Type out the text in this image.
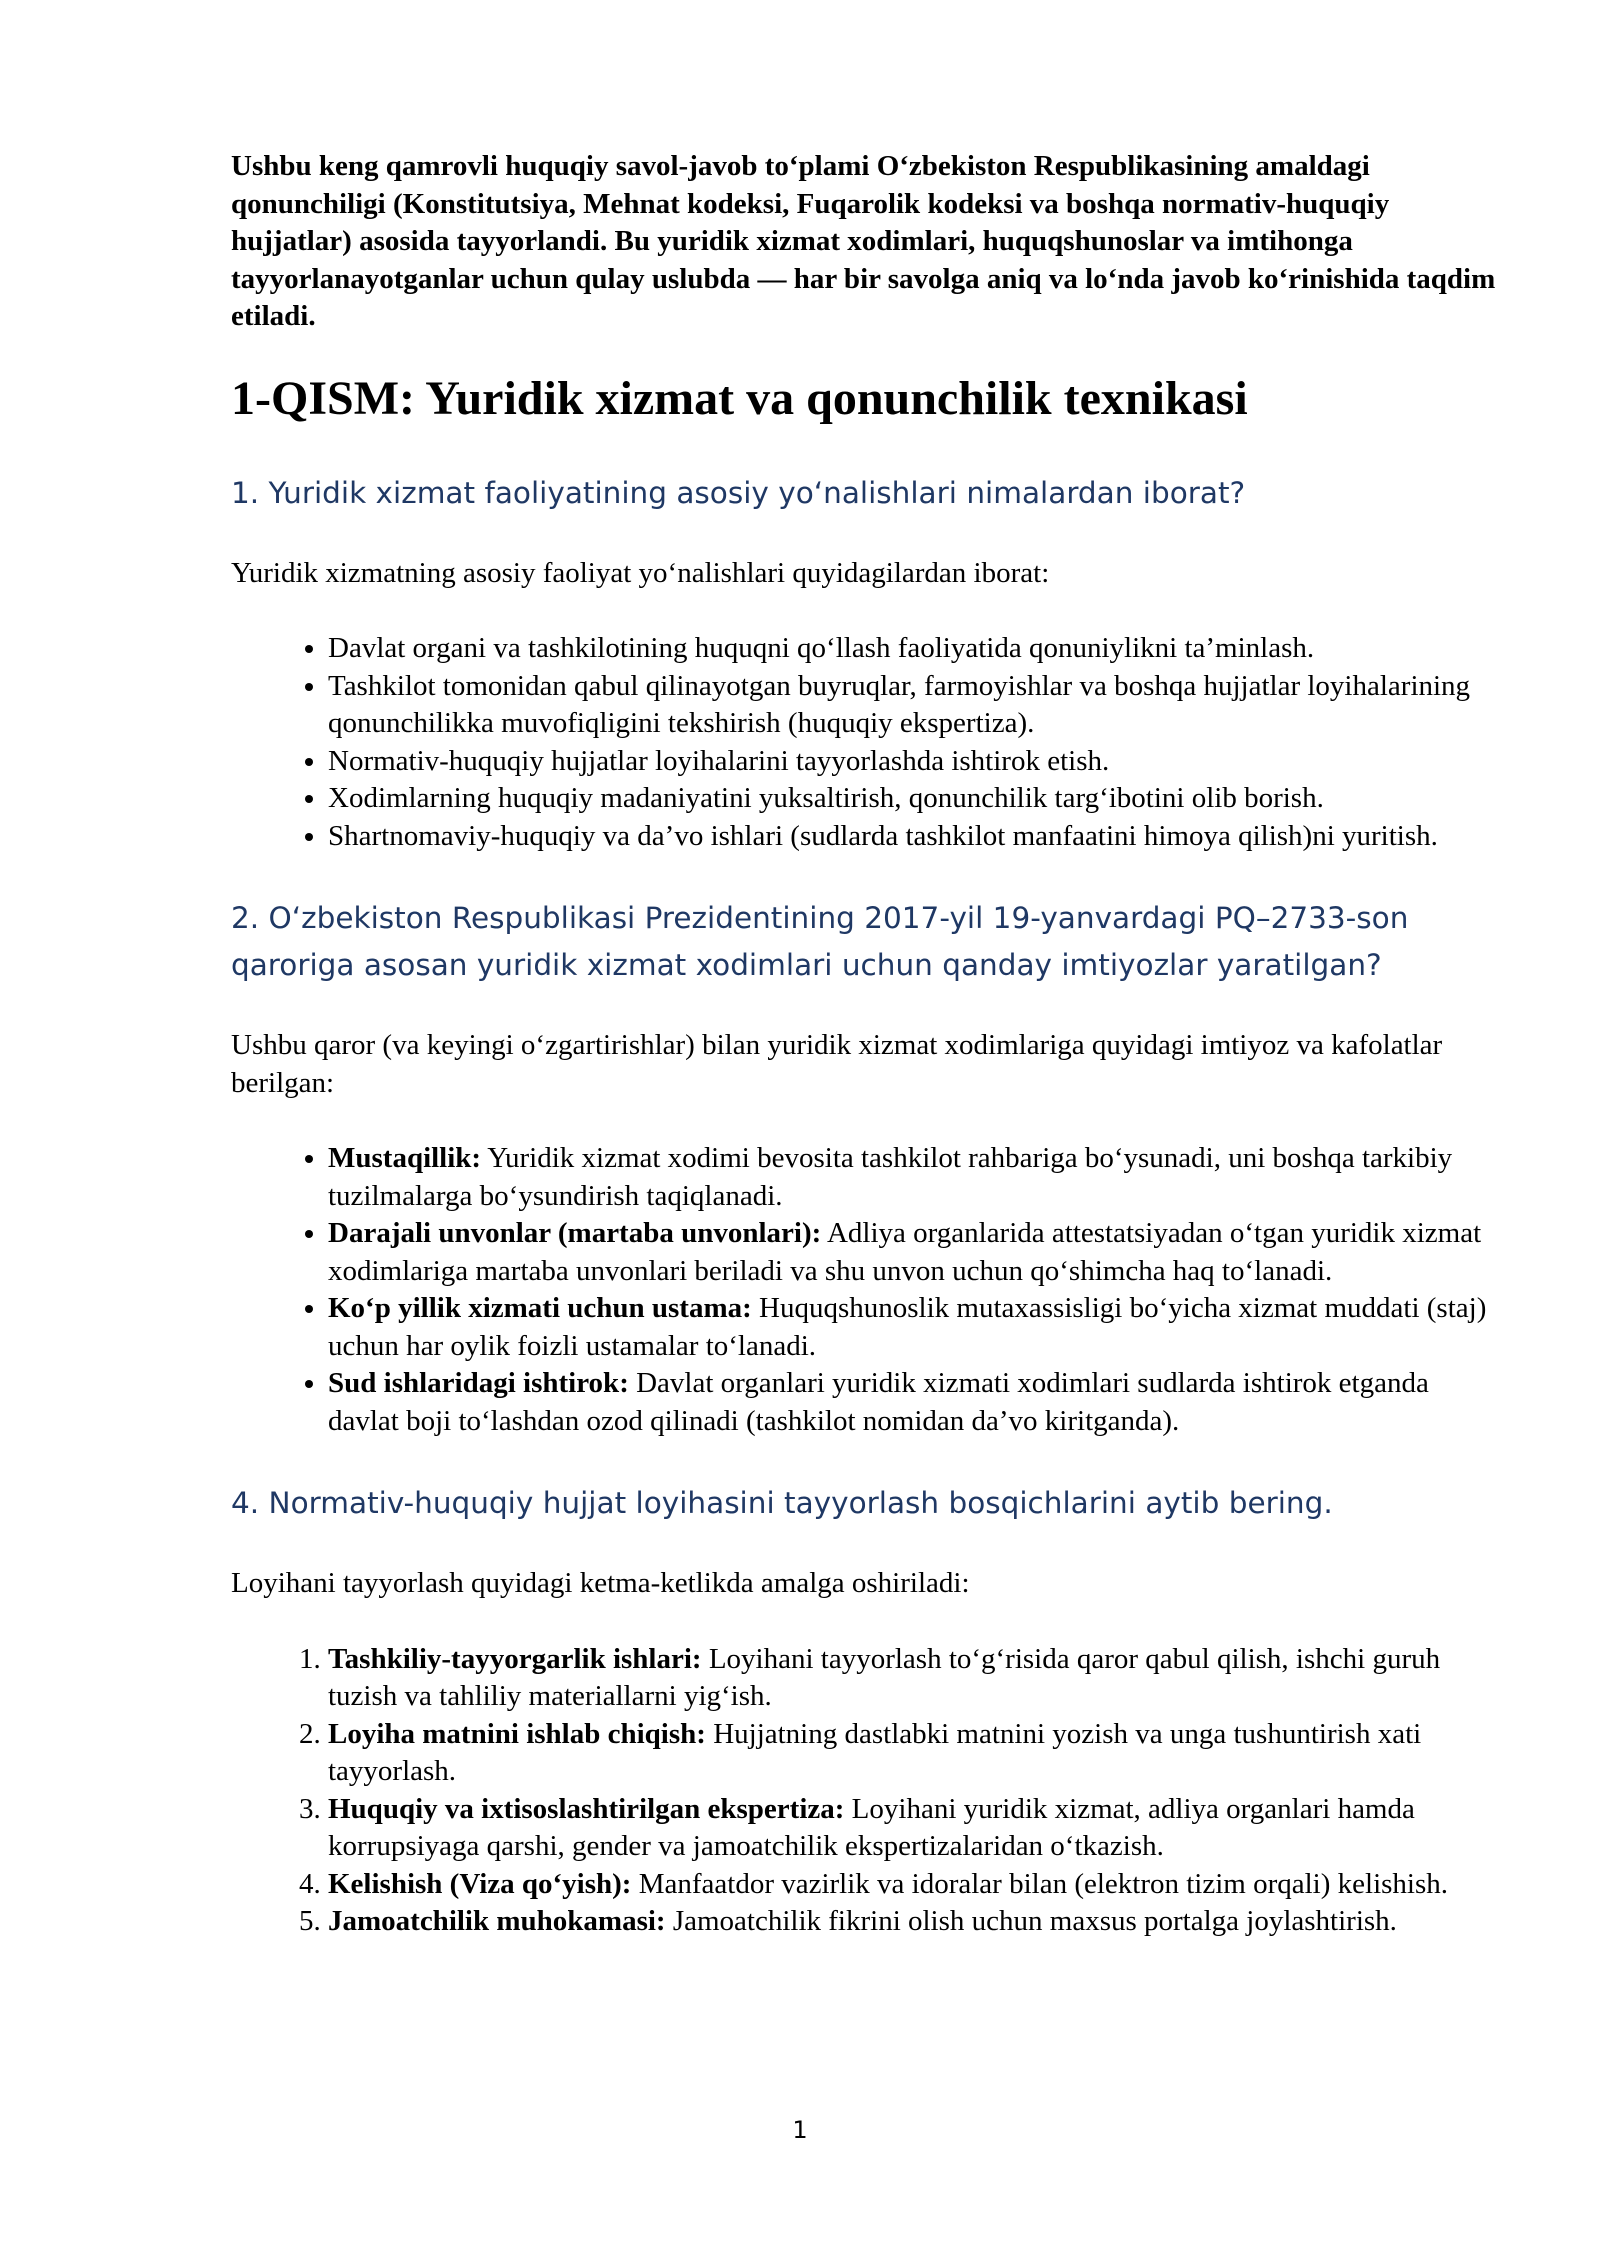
Ushbu keng qamrovli huquqiy savol-javob to‘plami O‘zbekiston Respublikasining amaldagi qonunchiligi (Konstitutsiya, Mehnat kodeksi, Fuqarolik kodeksi va boshqa normativ-huquqiy hujjatlar) asosida tayyorlandi. Bu yuridik xizmat xodimlari, huquqshunoslar va imtihonga tayyorlanayotganlar uchun qulay uslubda — har bir savolga aniq va lo‘nda javob ko‘rinishida taqdim etiladi.

1-QISM: Yuridik xizmat va qonunchilik texnikasi
1. Yuridik xizmat faoliyatining asosiy yo‘nalishlari nimalardan iborat?

Yuridik xizmatning asosiy faoliyat yo‘nalishlari quyidagilardan iborat:

• Davlat organi va tashkilotining huquqni qo‘llash faoliyatida qonuniylikni ta’minlash.
• Tashkilot tomonidan qabul qilinayotgan buyruqlar, farmoyishlar va boshqa hujjatlar loyihalarining qonunchilikka muvofiqligini tekshirish (huquqiy ekspertiza).
• Normativ-huquqiy hujjatlar loyihalarini tayyorlashda ishtirok etish.
• Xodimlarning huquqiy madaniyatini yuksaltirish, qonunchilik targ‘ibotini olib borish.
• Shartnomaviy-huquqiy va da’vo ishlari (sudlarda tashkilot manfaatini himoya qilish)ni yuritish.
2. O‘zbekiston Respublikasi Prezidentining 2017-yil 19-yanvardagi PQ–2733-son qaroriga asosan yuridik xizmat xodimlari uchun qanday imtiyozlar yaratilgan?

Ushbu qaror (va keyingi o‘zgartirishlar) bilan yuridik xizmat xodimlariga quyidagi imtiyoz va kafolatlar berilgan:

• Mustaqillik: Yuridik xizmat xodimi bevosita tashkilot rahbariga bo‘ysunadi, uni boshqa tarkibiy tuzilmalarga bo‘ysundirish taqiqlanadi.
• Darajali unvonlar (martaba unvonlari): Adliya organlarida attestatsiyadan o‘tgan yuridik xizmat xodimlariga martaba unvonlari beriladi va shu unvon uchun qo‘shimcha haq to‘lanadi.
• Ko‘p yillik xizmati uchun ustama: Huquqshunoslik mutaxassisligi bo‘yicha xizmat muddati (staj) uchun har oylik foizli ustamalar to‘lanadi.
• Sud ishlaridagi ishtirok: Davlat organlari yuridik xizmati xodimlari sudlarda ishtirok etganda davlat boji to‘lashdan ozod qilinadi (tashkilot nomidan da’vo kiritganda).
4. Normativ-huquqiy hujjat loyihasini tayyorlash bosqichlarini aytib bering.

Loyihani tayyorlash quyidagi ketma-ketlikda amalga oshiriladi:

1. Tashkiliy-tayyorgarlik ishlari: Loyihani tayyorlash to‘g‘risida qaror qabul qilish, ishchi guruh tuzish va tahliliy materiallarni yig‘ish.
2. Loyiha matnini ishlab chiqish: Hujjatning dastlabki matnini yozish va unga tushuntirish xati tayyorlash.
3. Huquqiy va ixtisoslashtirilgan ekspertiza: Loyihani yuridik xizmat, adliya organlari hamda korrupsiyaga qarshi, gender va jamoatchilik ekspertizalaridan o‘tkazish.
4. Kelishish (Viza qo‘yish): Manfaatdor vazirlik va idoralar bilan (elektron tizim orqali) kelishish.
5. Jamoatchilik muhokamasi: Jamoatchilik fikrini olish uchun maxsus portalga joylashtirish.
1
